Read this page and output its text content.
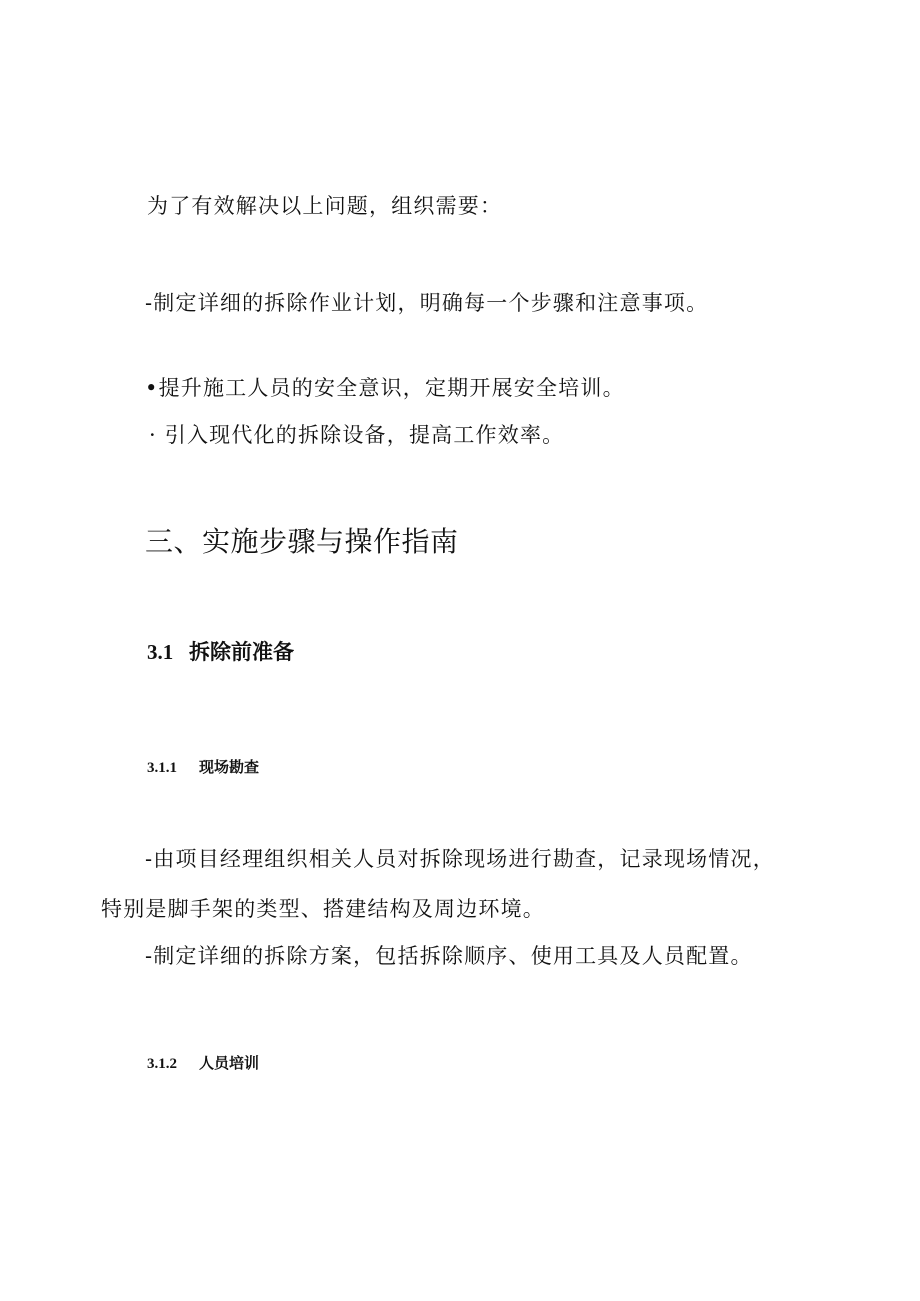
为了有效解决以上问题，组织需要：

-制定详细的拆除作业计划，明确每一个步骤和注意事项。

•提升施工人员的安全意识，定期开展安全培训。

· 引入现代化的拆除设备，提高工作效率。

三、实施步骤与操作指南
3.1 拆除前准备
3.1.1 现场勘查

-由项目经理组织相关人员对拆除现场进行勘查，记录现场情况，

特别是脚手架的类型、搭建结构及周边环境。

-制定详细的拆除方案，包括拆除顺序、使用工具及人员配置。

3.1.2 人员培训
